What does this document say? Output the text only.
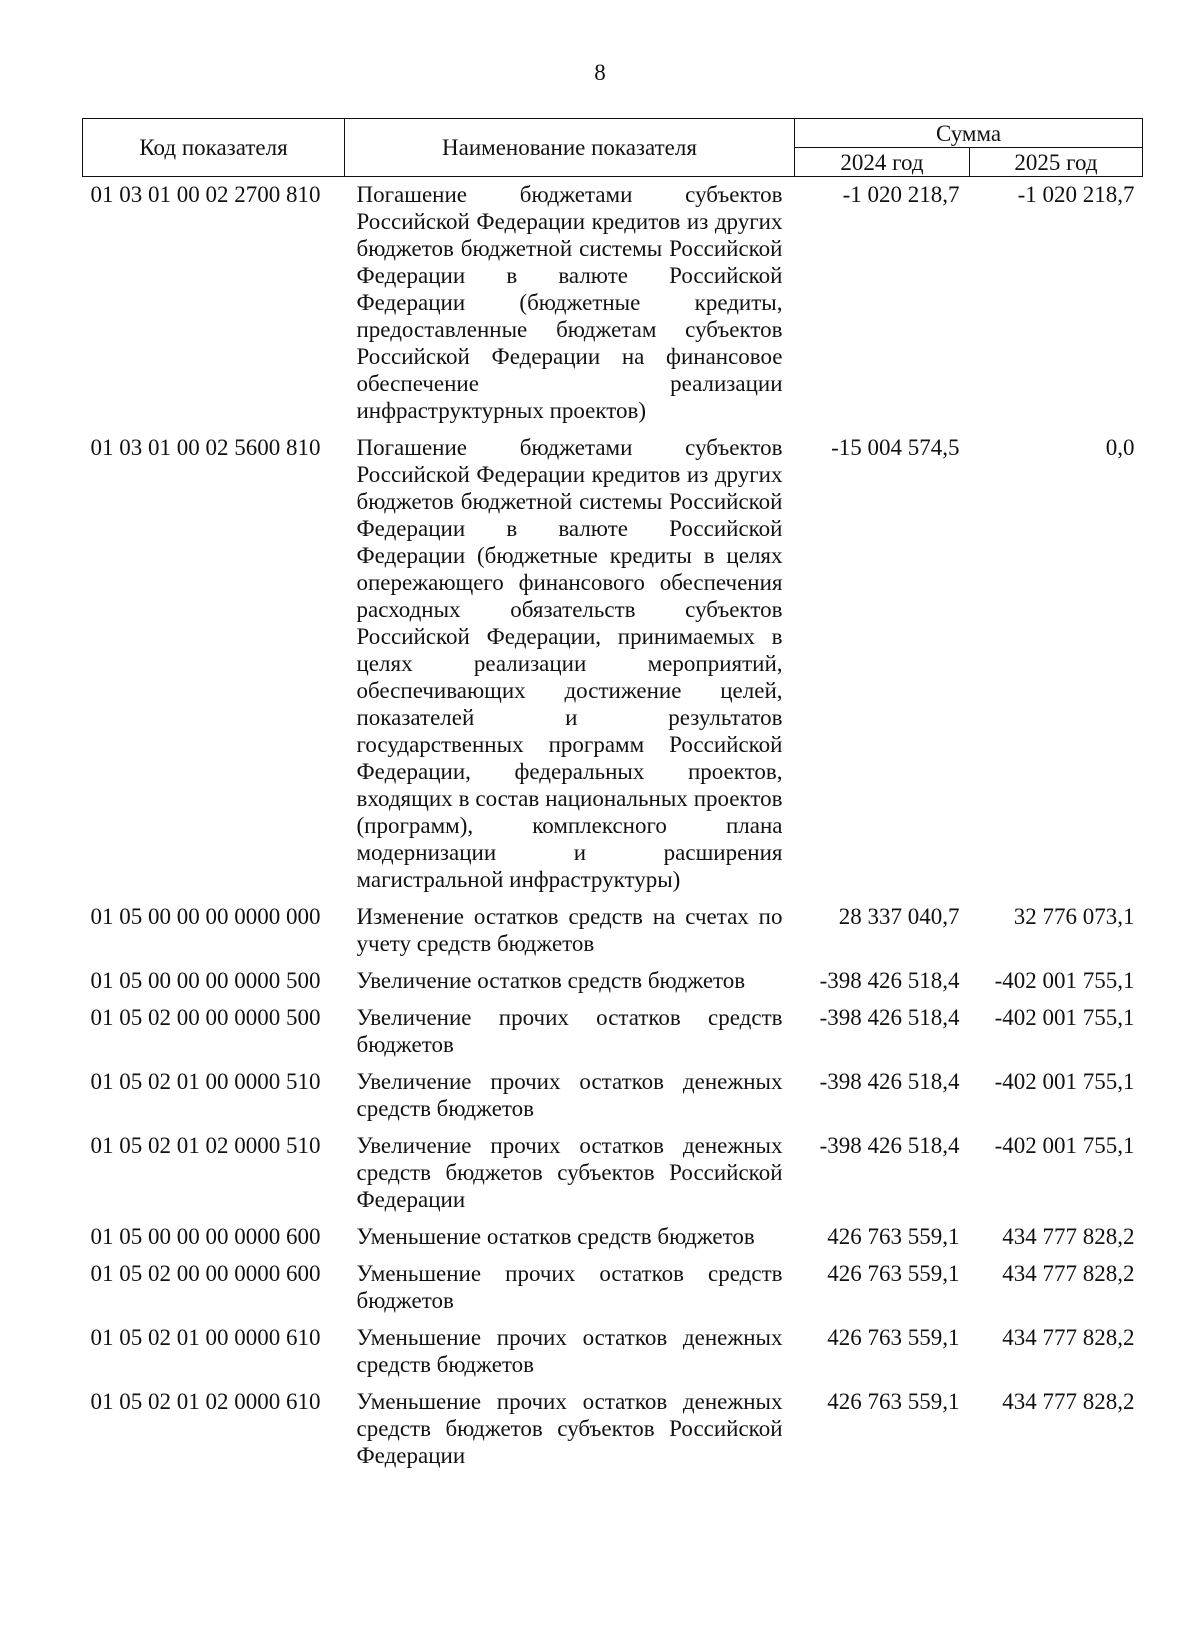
8
Код показателя	Наименование показателя	Сумма	
		2024 год	2025 год
01 03 01 00 02 2700 810	Погашение бюджетами субъектов Российской Федерации кредитов из других бюджетов бюджетной системы Российской Федерации в валюте Российской Федерации (бюджетные кредиты, предоставленные бюджетам субъектов Российской Федерации на финансовое обеспечение реализации инфраструктурных проектов)	-1 020 218,7	-1 020 218,7
01 03 01 00 02 5600 810	Погашение бюджетами субъектов Российской Федерации кредитов из других бюджетов бюджетной системы Российской Федерации в валюте Российской Федерации (бюджетные кредиты в целях опережающего финансового обеспечения расходных обязательств субъектов Российской Федерации, принимаемых в целях реализации мероприятий, обеспечивающих достижение целей, показателей и результатов государственных программ Российской Федерации, федеральных проектов, входящих в состав национальных проектов (программ), комплексного плана модернизации и расширения магистральной инфраструктуры)	-15 004 574,5	0,0
01 05 00 00 00 0000 000	Изменение остатков средств на счетах по учету средств бюджетов	28 337 040,7	32 776 073,1
01 05 00 00 00 0000 500	Увеличение остатков средств бюджетов	-398 426 518,4	-402 001 755,1
01 05 02 00 00 0000 500	Увеличение прочих остатков средств бюджетов	-398 426 518,4	-402 001 755,1
01 05 02 01 00 0000 510	Увеличение прочих остатков денежных средств бюджетов	-398 426 518,4	-402 001 755,1
01 05 02 01 02 0000 510	Увеличение прочих остатков денежных средств бюджетов субъектов Российской Федерации	-398 426 518,4	-402 001 755,1
01 05 00 00 00 0000 600	Уменьшение остатков средств бюджетов	426 763 559,1	434 777 828,2
01 05 02 00 00 0000 600	Уменьшение прочих остатков средств бюджетов	426 763 559,1	434 777 828,2
01 05 02 01 00 0000 610	Уменьшение прочих остатков денежных средств бюджетов	426 763 559,1	434 777 828,2
01 05 02 01 02 0000 610	Уменьшение прочих остатков денежных средств бюджетов субъектов Российской Федерации	426 763 559,1	434 777 828,2
